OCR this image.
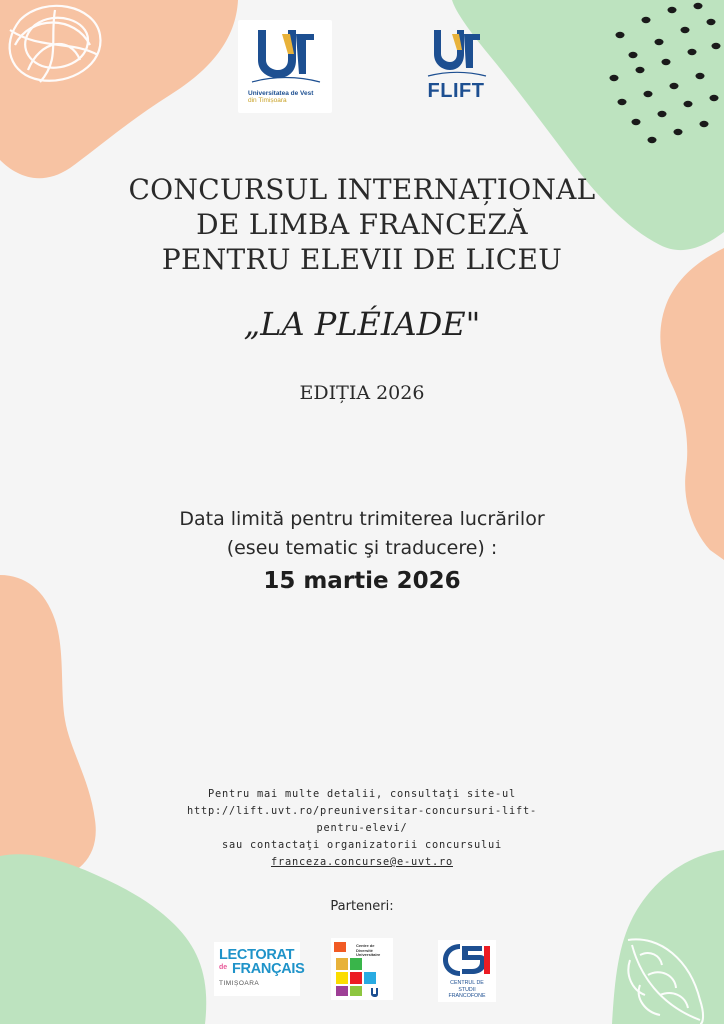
Universitatea de Vest
din Timișoara	FLIFT
CONCURSUL INTERNAȚIONAL
DE LIMBA FRANCEZĂ
PENTRU ELEVII DE LICEU
„LA PLÉIADE"
EDIȚIA 2026
Data limită pentru trimiterea lucrărilor
(eseu tematic şi traducere) :
15 martie 2026
Pentru mai multe detalii, consultaţi site-ul
http://lift.uvt.ro/preuniversitar-concursuri-lift-
pentru-elevi/
sau contactaţi organizatorii concursului
franceza.concurse@e-uvt.ro
Parteneri:
LECTORAT
de FRANÇAIS
TIMIȘOARA
Centre de Diversité Universitaire
CENTRUL DE
STUDII
FRANCOFONE
